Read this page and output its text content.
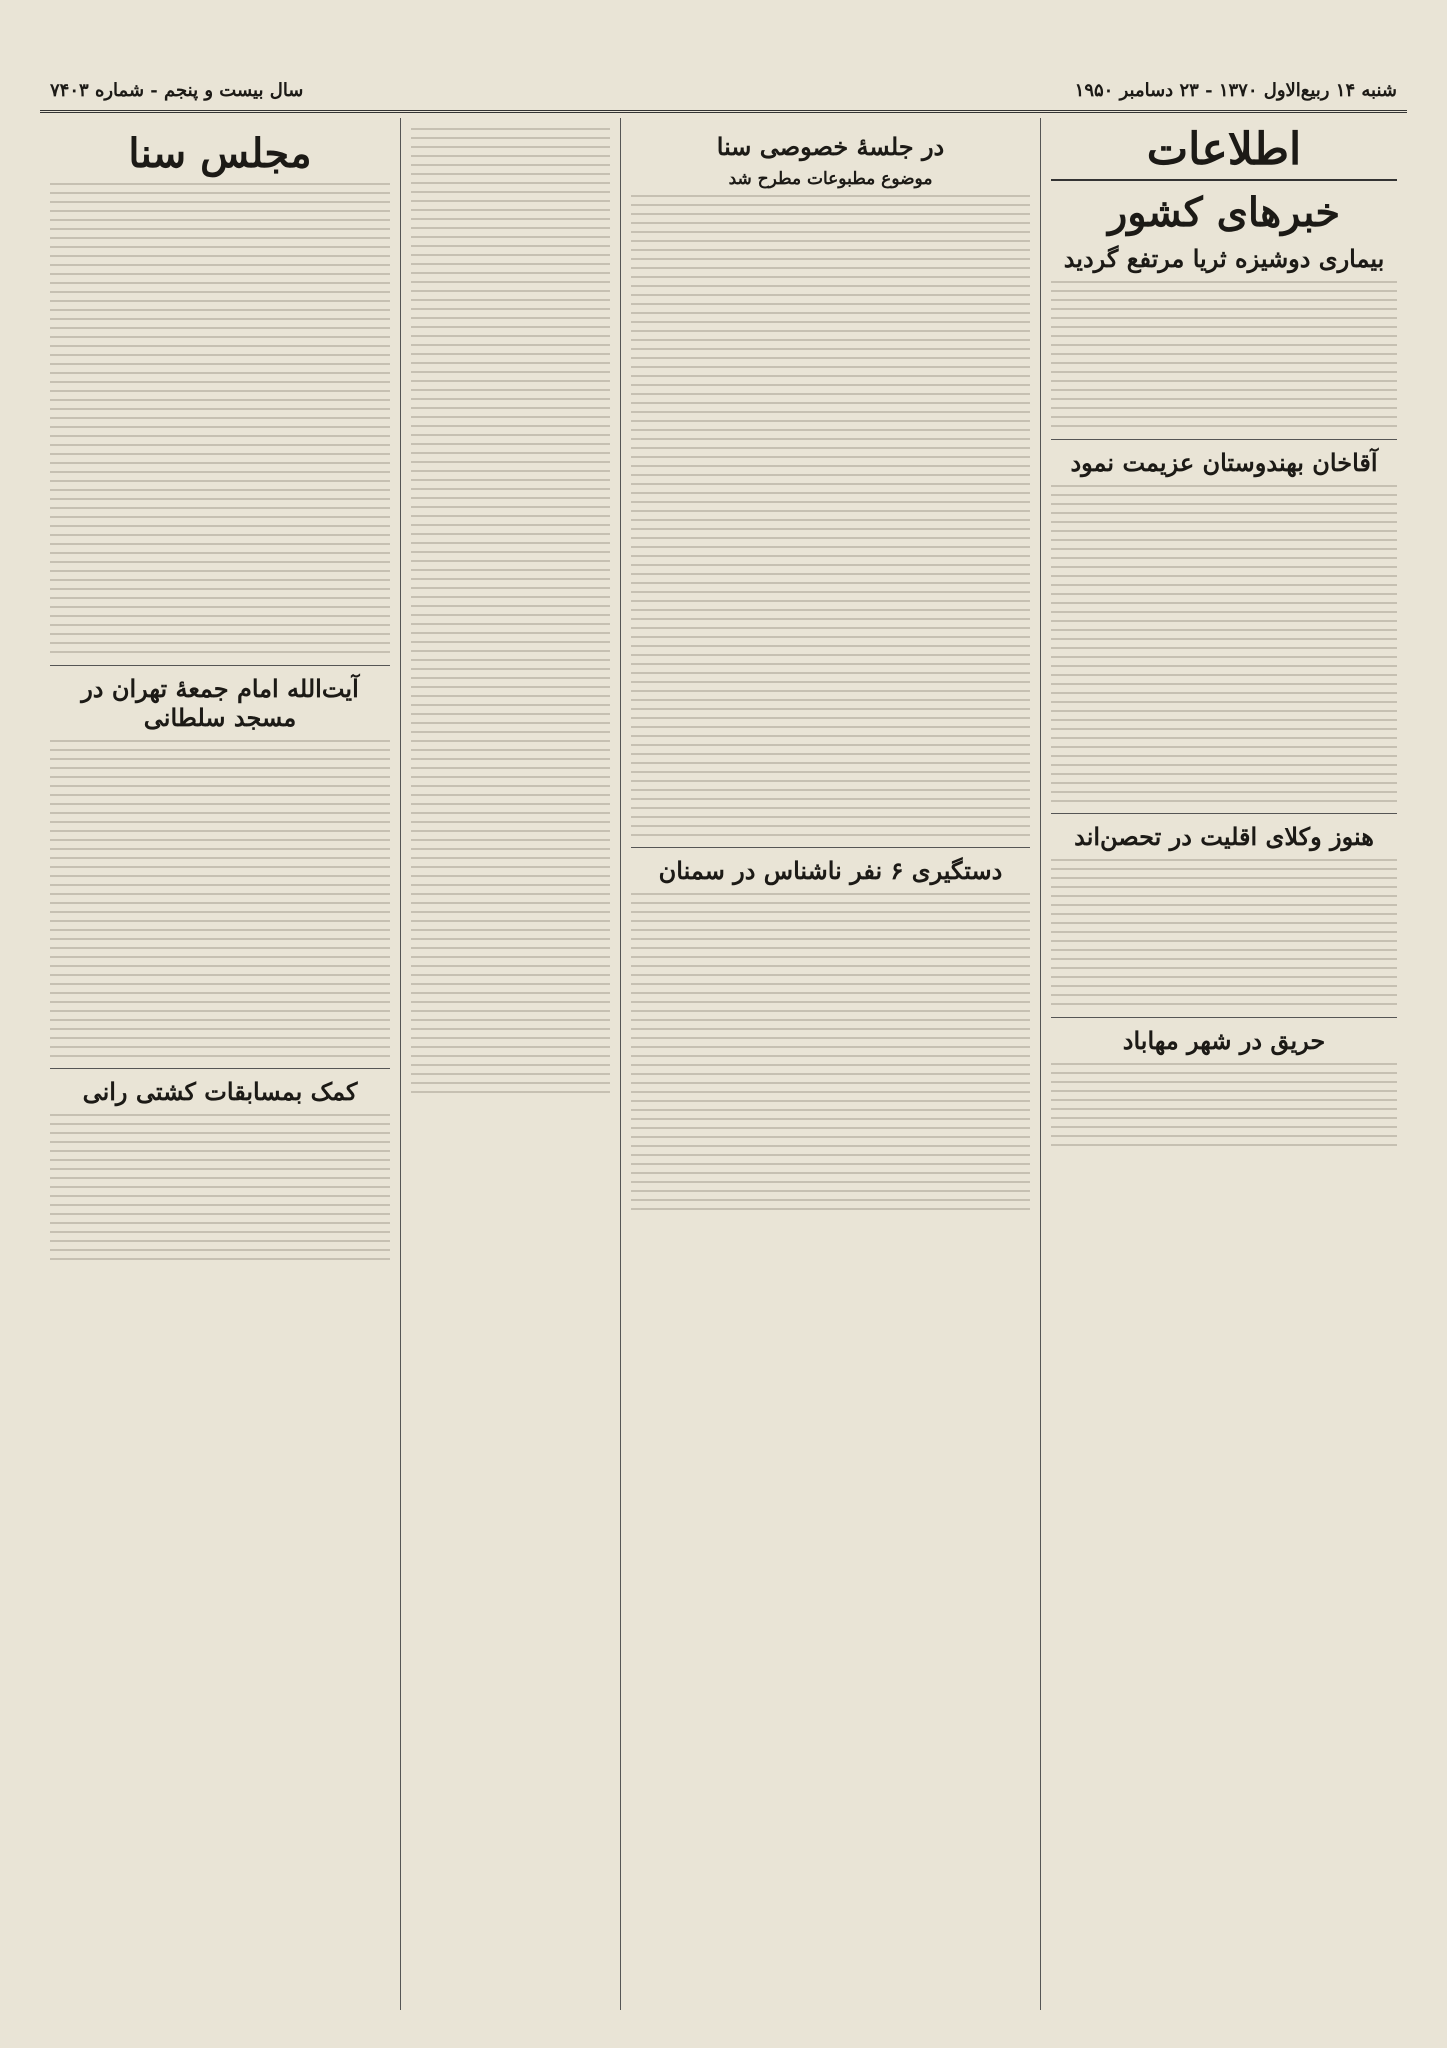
شنبه ۱۴ ربیع‌الاول ۱۳۷۰ - ۲۳ دسامبر ۱۹۵۰
سال بیست و پنجم - شماره ۷۴۰۳
اطلاعات
خبرهای کشور
بیماری دوشیزه ثریا مرتفع گردید
آقاخان بهندوستان عزیمت نمود
هنوز وکلای اقلیت در تحصن‌اند
حریق در شهر مهاباد
در جلسهٔ خصوصی سنا
موضوع مطبوعات مطرح شد
دستگیری ۶ نفر ناشناس در سمنان
مجلس سنا
آیت‌الله امام جمعهٔ تهران در مسجد سلطانی
کمک بمسابقات کشتی رانی
